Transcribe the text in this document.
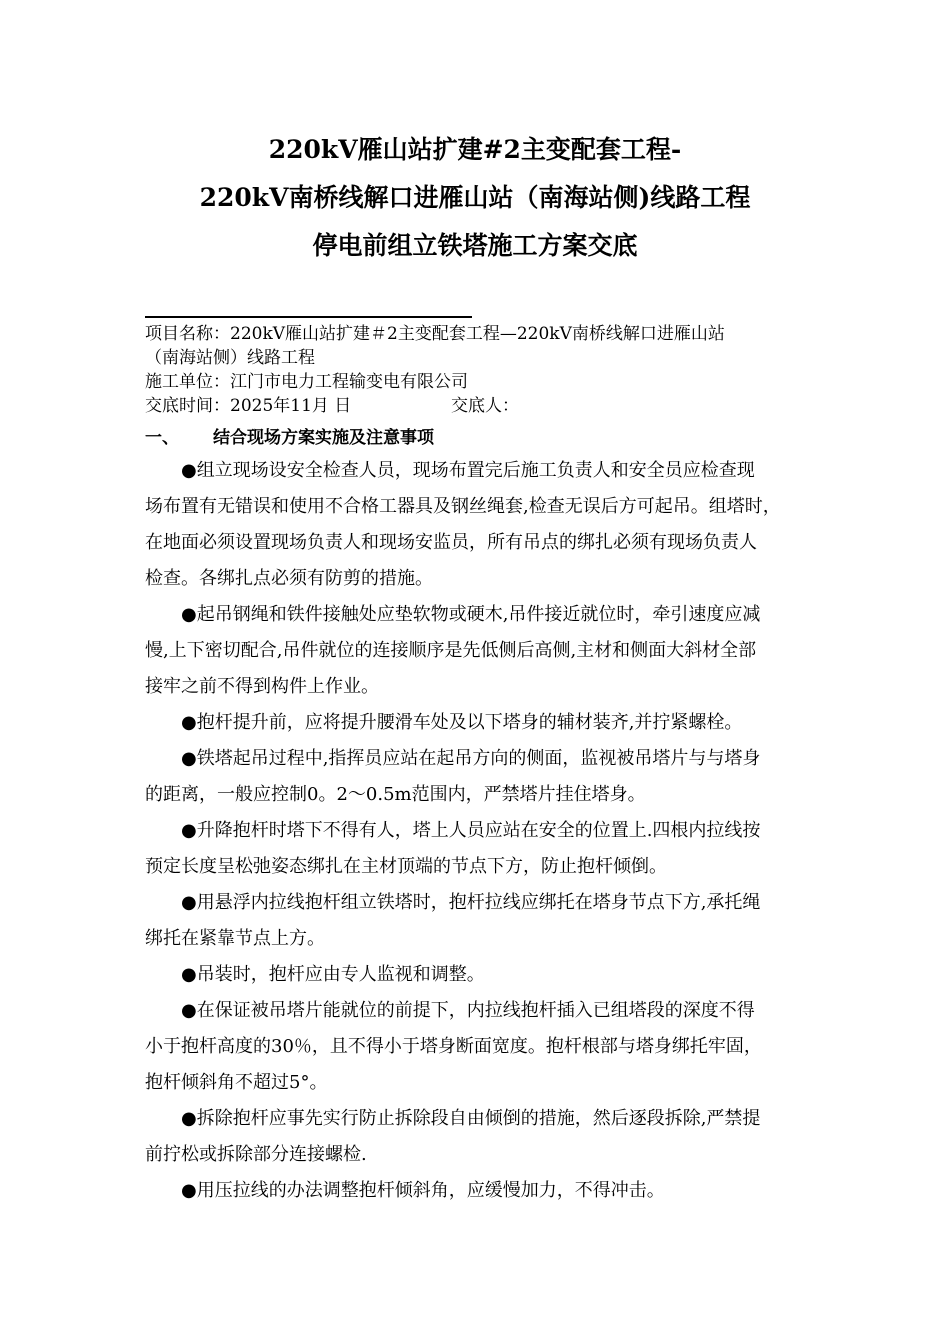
220kV雁山站扩建#2主变配套工程-
220kV南桥线解口进雁山站（南海站侧)线路工程
停电前组立铁塔施工方案交底
项目名称：220kV雁山站扩建＃2主变配套工程—220kV南桥线解口进雁山站
（南海站侧）线路工程
施工单位：江门市电力工程输变电有限公司
交底时间：2025年11月 日	交底人：
一、 结合现场方案实施及注意事项
●组立现场设安全检查人员，现场布置完后施工负责人和安全员应检查现
场布置有无错误和使用不合格工器具及钢丝绳套,检查无误后方可起吊。组塔时，
在地面必须设置现场负责人和现场安监员，所有吊点的绑扎必须有现场负责人
检查。各绑扎点必须有防剪的措施。
●起吊钢绳和铁件接触处应垫软物或硬木,吊件接近就位时，牵引速度应减
慢,上下密切配合,吊件就位的连接顺序是先低侧后高侧,主材和侧面大斜材全部
接牢之前不得到构件上作业。
●抱杆提升前，应将提升腰滑车处及以下塔身的辅材装齐,并拧紧螺栓。
●铁塔起吊过程中,指挥员应站在起吊方向的侧面，监视被吊塔片与与塔身
的距离，一般应控制0。2～0.5m范围内，严禁塔片挂住塔身。
●升降抱杆时塔下不得有人，塔上人员应站在安全的位置上.四根内拉线按
预定长度呈松弛姿态绑扎在主材顶端的节点下方，防止抱杆倾倒。
●用悬浮内拉线抱杆组立铁塔时，抱杆拉线应绑托在塔身节点下方,承托绳
绑托在紧靠节点上方。
●吊装时，抱杆应由专人监视和调整。
●在保证被吊塔片能就位的前提下，内拉线抱杆插入已组塔段的深度不得
小于抱杆高度的30％，且不得小于塔身断面宽度。抱杆根部与塔身绑托牢固，
抱杆倾斜角不超过5°。
●拆除抱杆应事先实行防止拆除段自由倾倒的措施，然后逐段拆除,严禁提
前拧松或拆除部分连接螺检.
●用压拉线的办法调整抱杆倾斜角，应缓慢加力，不得冲击。
